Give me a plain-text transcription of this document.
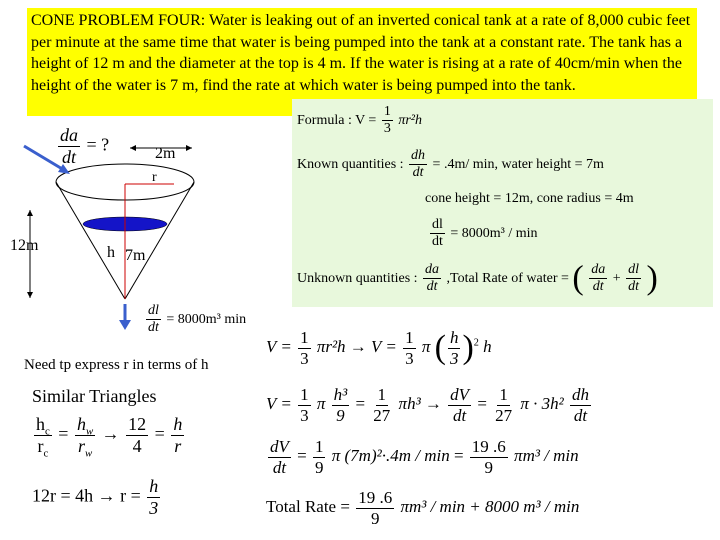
CONE PROBLEM FOUR: Water is leaking out of an inverted conical tank at a rate of 8,000 cubic feet per minute at the same time that water is being pumped into the tank at a constant rate. The tank has a height of 12 m and the diameter at the top is 4 m. If the water is rising at a rate of 40cm/min when the height of the water is 7 m, find the rate at which water is being pumped into the tank.
Formula : $V = \frac{1}{3} \pi r^2h$
Known quantities : $\frac{dh}{dt} = .4m/$ min, water height = 7m
cone height = 12m, cone radius = 4m
$\frac{dl}{dt} = 8000m^3 / \min$
Unknown quantities : $\frac{da}{dt}$ ,Total Rate of water = ( $\frac{da}{dt} + \frac{dl}{dt}$ )
$\frac{da}{dt}$ = ?	2m
r
12m	h 7m
$\frac{dl}{dt} = 8000m^3$ min
Need tp express r in terms of h
Similar Triangles
$\frac{h_c}{r_c} = \frac{h_w}{r_w} \to \frac{12}{4} = \frac{h}{r}$
$12r = 4h \to r = \frac{h}{3}$
$V = \frac{1}{3} \pi r^2h \to V = \frac{1}{3}$ π ( $\frac{h}{3} )^2$ h
$V = \frac{1}{3}$ π $\frac{\text{h³}}{9} = \frac{1}{27} \pi h^3 \to \frac{dV}{dt} = \frac{1}{27}$ $\pi \cdot 3h^2 \frac{dh}{dt}$
$\frac{dV}{dt} = \frac{1}{9}$ π $(7m)^2\cdot.4m / \min = \frac{19 .6}{9} \pi m^3 / \min$
Total Rate = $\frac{19 .6}{9} \pi m^3 / \min + 8000$ m³ / min
